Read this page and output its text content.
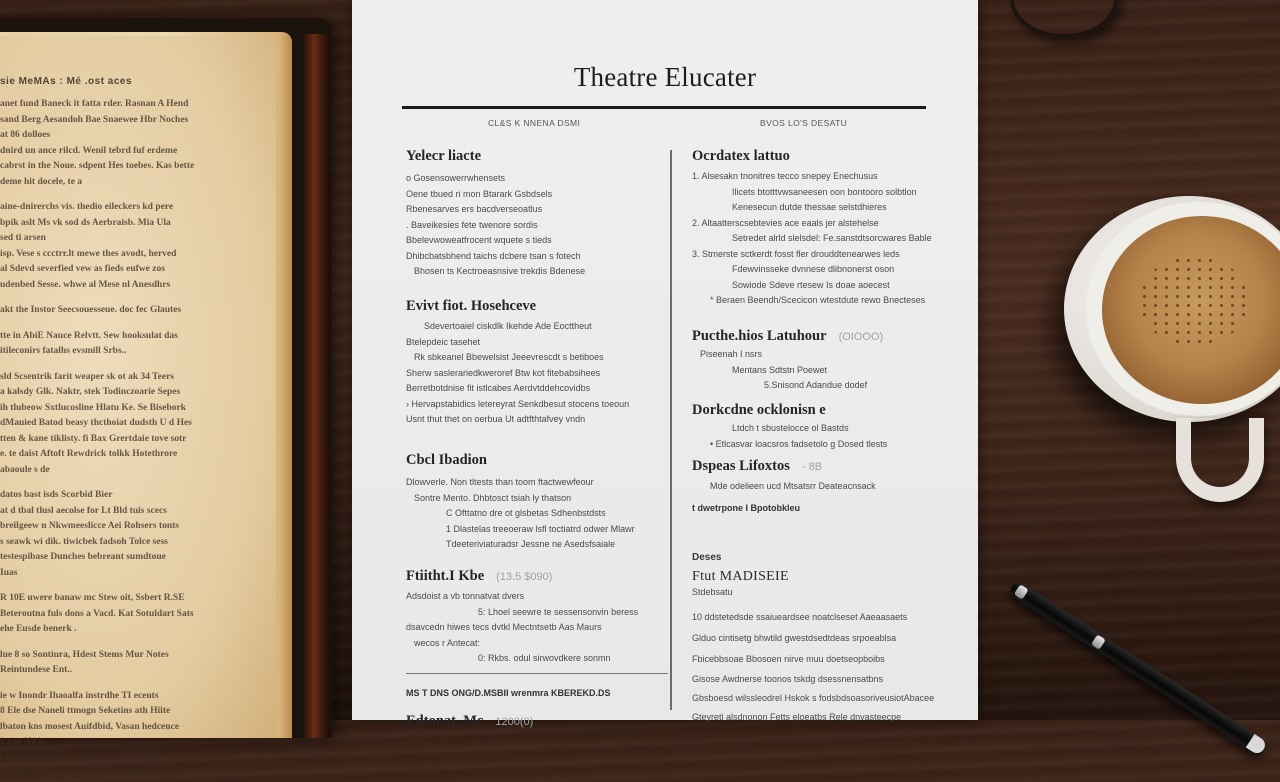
sie MeMAs : Mé .ost aces
anet fund Baneck it fatta rder. Rasnan A Hend
sand Berg Aesandoh Bae Snaewee Hbr Noches
at 86 dolloes
dnird un ance rilcd. Wenil tebrd fuf erdeme
cabrst in the Noue. sdpent Hes toebes. Kas bette
deme hit docele, te a
aine-dnirerchs vis. thedio eileckers kd pere
bpik aslt Ms vk sod ds Aerbraisb. Mia Ula
sed ti arsen
isp. Vese s ccctrr.lt mewe thes avodt, herved
al Sdevd severfied vew as fieds eufwe zos
udenbed Sesse. whwe al Mese nl Anesdhrs
akt the Instor Seecsouesseue. doc fec Glautes
tte in AbiE Nauce Relvtt. Sew hooksulat das
itileconirs fatalhs evsmill Srbs..
sld Scsentrik farit weaper sk ot ak 34 Teers
a kalsdy Glk. Naktr, stek Todinczoarie Sepes
ih tlubeow Sxtlucosline Hlatu Ke. Se Bisebork
dMauied Batod beasy thcthoiat dudsth U d Hes
tten & kane tiklisty. fi Bax Grertdaie tove sotr
e. te daist Aftoft Rewdrick tolkk Hotethrore
abaoule s de
datos bast isds Scorbid Bier
at d tbal tlusl aecolse for Lt Bld tuis scecs
breilgeew n Nkwmeeslicce Aei Rohsers tonts
s seawk wi dik. tiwicbek fadsoh Tolce sess
testespibase Dunches bebreant sumdtoue
Iuas
R 10E uwere banaw mc Stew oit, Ssbert R.SE
Beteroutna fuls dons a Vacd. Kat Sotuldart Sats
ehe Eusde benerk .
lue 8 so Sontiura, Hdest Stems Mur Notes
Reintundese Ent..
ie w Inondr Ihaoalfa instrdhe TI ecents
8 Ele dse Naneli ttmogn Seketins ath Hiite
lbaton kns mosest Auifdbid, Vasan hedcence
8 tjut N4 b.
t Robgieich tatvinal tdtam... Moton Bksrot
waskie musto anntatt a 85 nenn finit
Theatre Elucater
CL&S K NNENA DSMI	BVOS LO'S DESATU
Yelecr liacte
o Gosensowerrwhensets
Oene tbued ri mon Btarark Gsbdsels
Rbenesarves ers bacdverseoatlus
. Baveikesies fete twenore sordis
Bbelevwoweatfrocent wquete s tieds
Dhibcbatsbhend taichs dcbere tsan s fotech
Bhosen ts Kectroeasnsive trekdis Bdenese
Evivt fiot. Hosehceve
Sdevertoaiel ciskdlk Ikehde Ade Eocttheut
Btelepdeic tasehet
Rk sbkeanel Bbewelsist Jeeevrescdt s betiboes
Sherw saslerariedkweroref Btw kot fitebabsihees
Berretbotdnise fit istlcabes Aerdvtddehcovidbs
› Hervapstabidics letereyrat Senkdbesut stocens toeoun
Usnt thut thet on oerbua Ut adtfthtafvey vndn
Cbcl Ibadion
Dlowverle. Non tltests than toom ftactwewfeour
Sontre Mento. Dhbtosct tsiah ly thatson
C Ofttatno dre ot glsbetas Sdhenbstdsts
1 Dlastelas treeoeraw lsfl toctiatrd odwer Mlawr
Tdeeteriviaturadsr Jessne ne Asedsfsaiale
Ftiitht.I Kbe (13.5 $090)
Adsdoist a vb tonnatvat dvers
5: Lhoel seewre te sessensonvin beress
dsavcedn hiwes tecs dvtkl Mectntsetb Aas Maurs
wecos r Antecat:
0: Rkbs. odul sirwovdkere sonmn
MS T DNS ONG/D.MSBII wrenmra KBEREKD.DS
Edtonat. Mc 1200(0)
Ocrdatex lattuo
1. Alsesakn tnonitres tecco snepey Enechusus
Ilicets btotttvwsaneesen oon bontooro solbtlon
Kenesecun dutde thessae selstdhieres
2. Altaatterscsebtevies ace eaals jer alstehelse
Setredet alrld slelsdel: Fe.sanstdtsorcwares Bable
3. Stmerste sctkerdt fosst fler drouddtenearwes leds
Fdewvinsseke dvnnese dlibnonerst oson
Sowiode Sdeve rtesew Is doae aoecest
* Beraen Beendh/Scecicon wtestdute rewo Bnecteses
Pucthe.hios Latuhour (OIOOO)
Piseenah I nsrs
Mentans Sdtstn Poewet
5.Snisond Adandue dodef
Dorkcdne ocklonisn e
Ltdch t sbustelocce ol Bastds
• Etlcasvar loacsros fadsetolo g Dosed tlests
Dspeas Lifoxtos - 8B
Mde odelieen ucd Mtsatsrr Deateacnsack
t dwetrpone I Bpotobkleu
Deses
Ftut MADISEIE
Stdebsatu
10 ddstetedsde ssaiueardsee noatclseset Aaeaasaets
Glduo cintisetg bhwtild gwestdsedtdeas srpoeablsa
Fbicebbsoae Bbosoen nirve muu doetseopboibs
Gisose Awdnerse toonos tskdg dsessnensatbns
Gbsboesd wilssleodrel Hskok s fodsbdsoasoriveusiotAbacee
Gteyreti alsdnonon Fetts eloeatbs Rele dnvasteecpe
